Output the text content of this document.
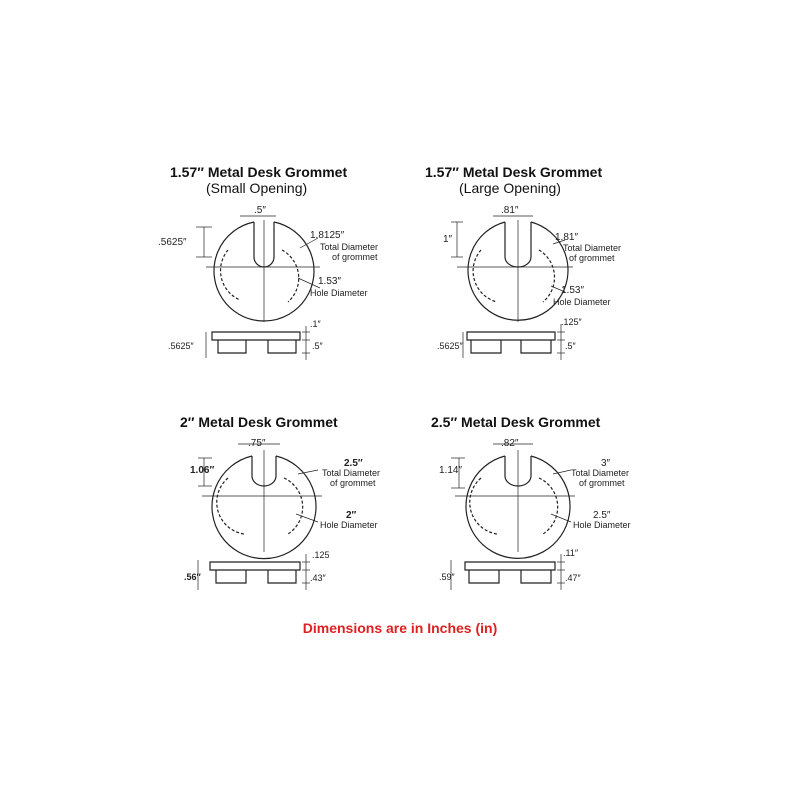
1.57″ Metal Desk Grommet
(Small Opening)
.5″
.5625″
1.8125″
Total Diameter
of grommet
1.53″
Hole Diameter
.1″
.5625″	.5″
1.57″ Metal Desk Grommet
(Large Opening)
.81″
1″	1.81″
Total Diameter
of grommet
1.53″
Hole Diameter
.125″
.5625″	.5″
2″ Metal Desk Grommet
.75″
1.06″
2.5″
Total Diameter
of grommet
2″
Hole Diameter
.125
.56″	.43″
2.5″ Metal Desk Grommet
.82″
1.14″
3″
Total Diameter
of grommet
2.5″
Hole Diameter
.11″
.59″	.47″
Dimensions are in Inches (in)
